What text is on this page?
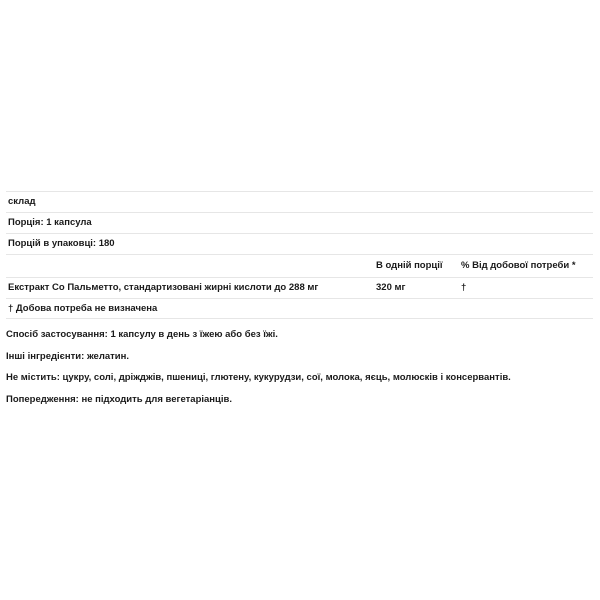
склад
Порція: 1 капсула
Порцій в упаковці: 180
В одній порції % Від добової потреби *
Екстракт Со Пальметто, стандартизовані жирні кислоти до 288 мг	320 мг	†
† Добова потреба не визначена
Спосіб застосування: 1 капсулу в день з їжею або без їжі.
Інші інгредієнти: желатин.
Не містить: цукру, солі, дріжджів, пшениці, глютену, кукурудзи, сої, молока, яєць, молюсків і консервантів.
Попередження: не підходить для вегетаріанців.
